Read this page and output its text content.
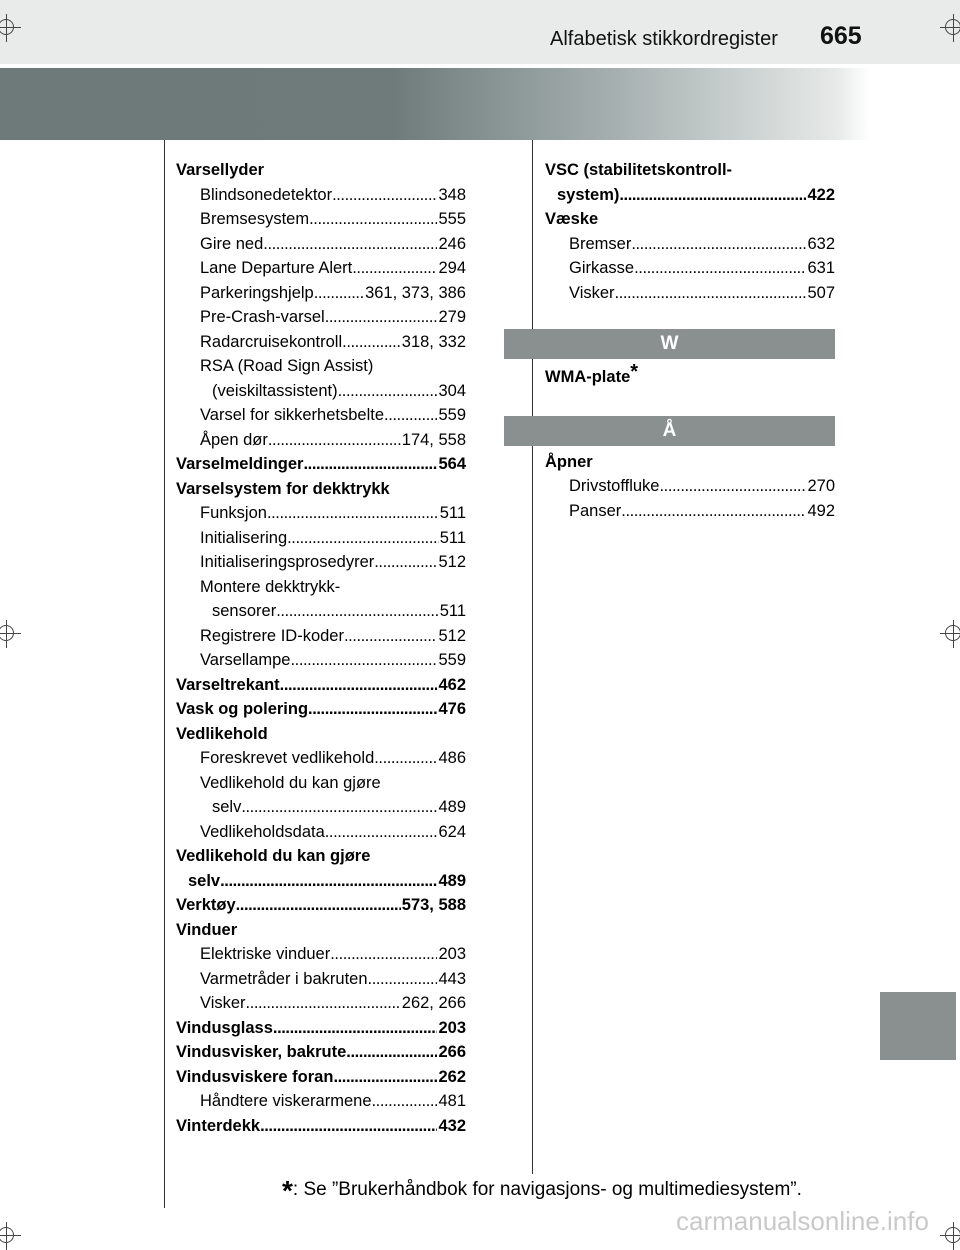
Alfabetisk stikkordregister 665
Varsellyder
Blindsonedetektor . . .	348
Bremsesystem . . .	555
Gire ned . . .	246
Lane Departure Alert . . .	294
Parkeringshjelp . . .	361, 373, 386
Pre-Crash-varsel . . .	279
Radarcruisekontroll . . .	318, 332
RSA (Road Sign Assist)
(veiskiltassistent) . . .	304
Varsel for sikkerhetsbelte . . .	559
Åpen dør . . .	174, 558
Varselmeldinger . . .	564
Varselsystem for dekktrykk
Funksjon . . .	511
Initialisering . . .	511
Initialiseringsprosedyrer . . .	512
Montere dekktrykk-
sensorer . . .	511
Registrere ID-koder . . .	512
Varsellampe . . .	559
Varseltrekant . . .	462
Vask og polering . . .	476
Vedlikehold
Foreskrevet vedlikehold . . .	486
Vedlikehold du kan gjøre
selv . . .	489
Vedlikeholdsdata . . .	624
Vedlikehold du kan gjøre
selv . . .	489
Verktøy . . .	573, 588
Vinduer
Elektriske vinduer . . .	203
Varmetråder i bakruten . . .	443
Visker . . .	262, 266
Vindusglass . . .	203
Vindusvisker, bakrute . . .	266
Vindusviskere foran . . .	262
Håndtere viskerarmene . . .	481
Vinterdekk . . .	432
VSC (stabilitetskontroll-
system) . . .	422
Væske
Bremser . . .	632
Girkasse . . .	631
Visker . . .	507
W
WMA-plate*
Å
Åpner
Drivstoffluke . . .	270
Panser . . .	492
*: Se ”Brukerhåndbok for navigasjons- og multimediesystem”.
carmanualsonline.info
